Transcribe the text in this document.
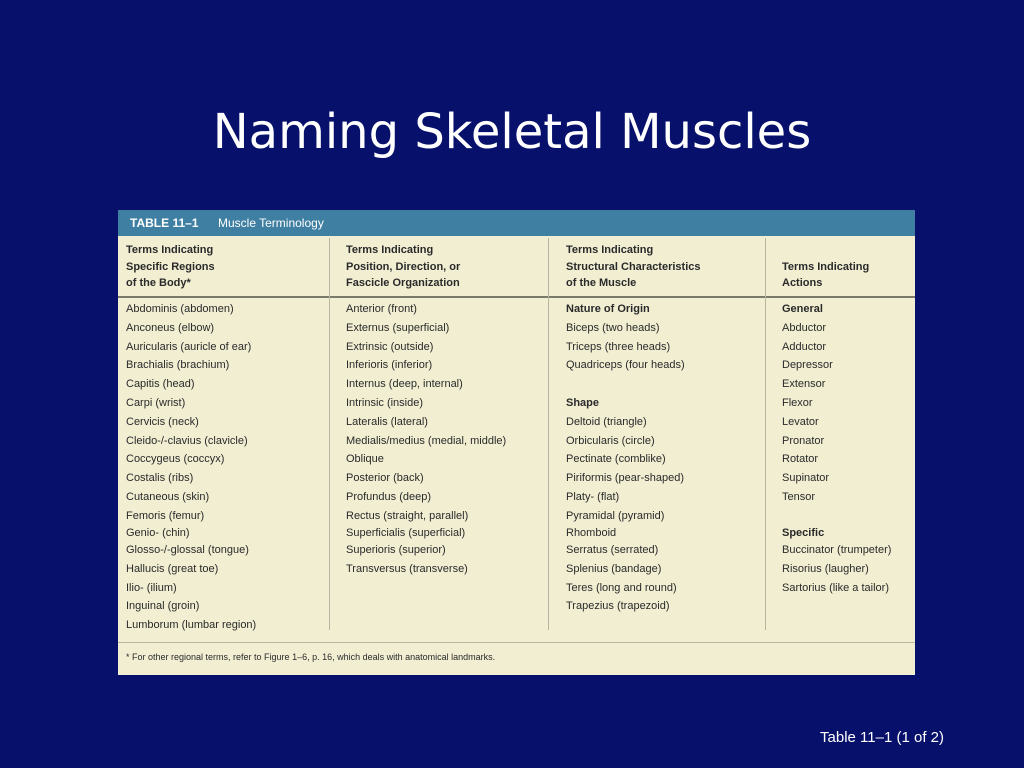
Naming Skeletal Muscles
TABLE 11–1	Muscle Terminology
Terms Indicating
Specific Regions
of the Body*
Terms Indicating
Position, Direction, or
Fascicle Organization
Terms Indicating
Structural Characteristics
of the Muscle

Terms Indicating
Actions
Abdominis (abdomen)
Anconeus (elbow)
Auricularis (auricle of ear)
Brachialis (brachium)
Capitis (head)
Carpi (wrist)
Cervicis (neck)
Cleido-/-clavius (clavicle)
Coccygeus (coccyx)
Costalis (ribs)
Cutaneous (skin)
Femoris (femur)
Genio- (chin)
Glosso-/-glossal (tongue)
Hallucis (great toe)
Ilio- (ilium)
Inguinal (groin)
Lumborum (lumbar region)
Anterior (front)
Externus (superficial)
Extrinsic (outside)
Inferioris (inferior)
Internus (deep, internal)
Intrinsic (inside)
Lateralis (lateral)
Medialis/medius (medial, middle)
Oblique
Posterior (back)
Profundus (deep)
Rectus (straight, parallel)
Superficialis (superficial)
Superioris (superior)
Transversus (transverse)
Nature of Origin
Biceps (two heads)
Triceps (three heads)
Quadriceps (four heads)
Shape
Deltoid (triangle)
Orbicularis (circle)
Pectinate (comblike)
Piriformis (pear-shaped)
Platy- (flat)
Pyramidal (pyramid)
Rhomboid
Serratus (serrated)
Splenius (bandage)
Teres (long and round)
Trapezius (trapezoid)
General
Abductor
Adductor
Depressor
Extensor
Flexor
Levator
Pronator
Rotator
Supinator
Tensor
Specific
Buccinator (trumpeter)
Risorius (laugher)
Sartorius (like a tailor)
* For other regional terms, refer to Figure 1–6, p. 16, which deals with anatomical landmarks.
Table 11–1 (1 of 2)
